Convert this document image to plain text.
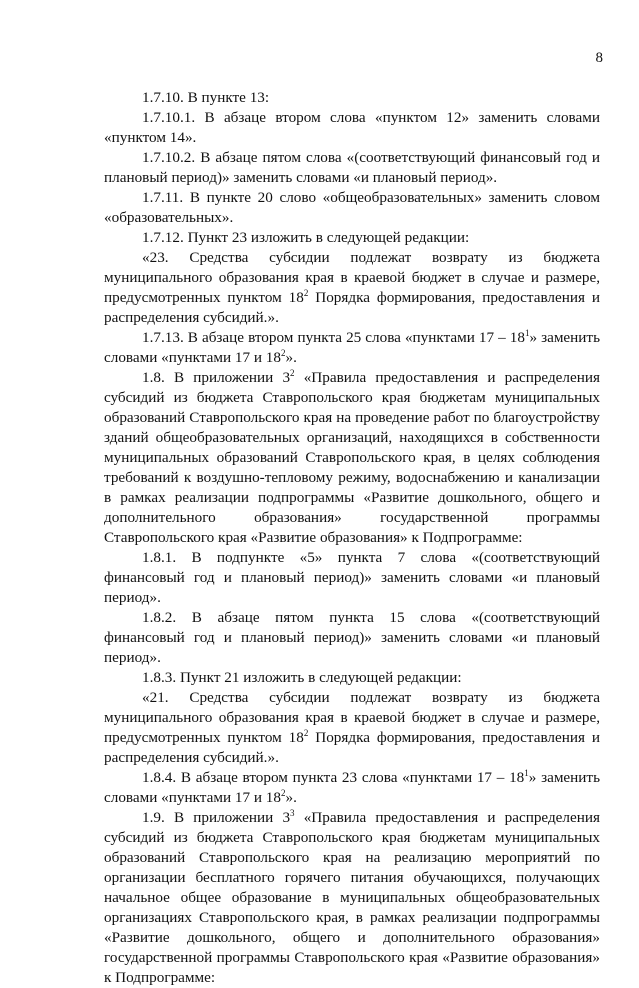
8

1.7.10. В пункте 13:

1.7.10.1. В абзаце втором слова «пунктом 12» заменить словами «пунктом 14».

1.7.10.2. В абзаце пятом слова «(соответствующий финансовый год и плановый период)» заменить словами «и плановый период».

1.7.11. В пункте 20 слово «общеобразовательных» заменить словом «образовательных».

1.7.12. Пункт 23 изложить в следующей редакции:

«23. Средства субсидии подлежат возврату из бюджета муниципального образования края в краевой бюджет в случае и размере, предусмотренных пунктом $18^2$ Порядка формирования, предоставления и распределения субсидий.».

1.7.13. В абзаце втором пункта 25 слова «пунктами $17 - 18^1$» заменить словами «пунктами 17 и $18^2$».

1.8. В приложении $3^2$ «Правила предоставления и распределения субсидий из бюджета Ставропольского края бюджетам муниципальных образований Ставропольского края на проведение работ по благоустройству зданий общеобразовательных организаций, находящихся в собственности муниципальных образований Ставропольского края, в целях соблюдения требований к воздушно-тепловому режиму, водоснабжению и канализации в рамках реализации подпрограммы «Развитие дошкольного, общего и дополнительного образования» государственной программы Ставропольского края «Развитие образования» к Подпрограмме:

1.8.1. В подпункте «5» пункта 7 слова «(соответствующий финансовый год и плановый период)» заменить словами «и плановый период».

1.8.2. В абзаце пятом пункта 15 слова «(соответствующий финансовый год и плановый период)» заменить словами «и плановый период».

1.8.3. Пункт 21 изложить в следующей редакции:

«21. Средства субсидии подлежат возврату из бюджета муниципального образования края в краевой бюджет в случае и размере, предусмотренных пунктом $18^2$ Порядка формирования, предоставления и распределения субсидий.».

1.8.4. В абзаце втором пункта 23 слова «пунктами $17 - 18^1$» заменить словами «пунктами 17 и $18^2$».

1.9. В приложении $3^3$ «Правила предоставления и распределения субсидий из бюджета Ставропольского края бюджетам муниципальных образований Ставропольского края на реализацию мероприятий по организации бесплатного горячего питания обучающихся, получающих начальное общее образование в муниципальных общеобразовательных организациях Ставропольского края, в рамках реализации подпрограммы «Развитие дошкольного, общего и дополнительного образования» государственной программы Ставропольского края «Развитие образования» к Подпрограмме:
